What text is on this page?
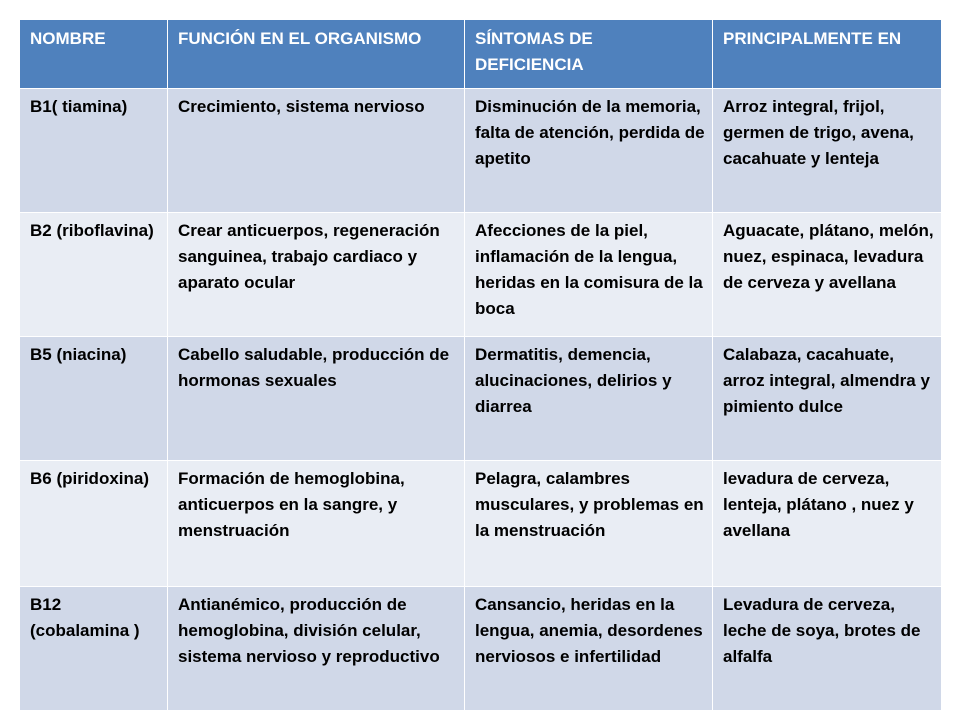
NOMBRE	FUNCIÓN EN EL ORGANISMO	SÍNTOMAS DE DEFICIENCIA	PRINCIPALMENTE EN
B1( tiamina)	Crecimiento, sistema nervioso	Disminución de la memoria, falta de atención, perdida de apetito	Arroz integral, frijol, germen de trigo, avena, cacahuate y lenteja
B2 (riboflavina)	Crear anticuerpos, regeneración sanguinea, trabajo cardiaco y aparato ocular	Afecciones de la piel, inflamación de la lengua, heridas en la comisura de la boca	Aguacate, plátano, melón, nuez, espinaca, levadura de cerveza y avellana
B5 (niacina)	Cabello saludable, producción de hormonas sexuales	Dermatitis, demencia, alucinaciones, delirios y diarrea	Calabaza, cacahuate, arroz integral, almendra y pimiento dulce
B6 (piridoxina)	Formación de hemoglobina, anticuerpos en la sangre, y menstruación	Pelagra, calambres musculares, y problemas en la menstruación	levadura de cerveza, lenteja, plátano , nuez y avellana
B12 (cobalamina )	Antianémico, producción de hemoglobina, división celular, sistema nervioso y reproductivo	Cansancio, heridas en la lengua, anemia, desordenes nerviosos e infertilidad	Levadura de cerveza, leche de soya, brotes de alfalfa
